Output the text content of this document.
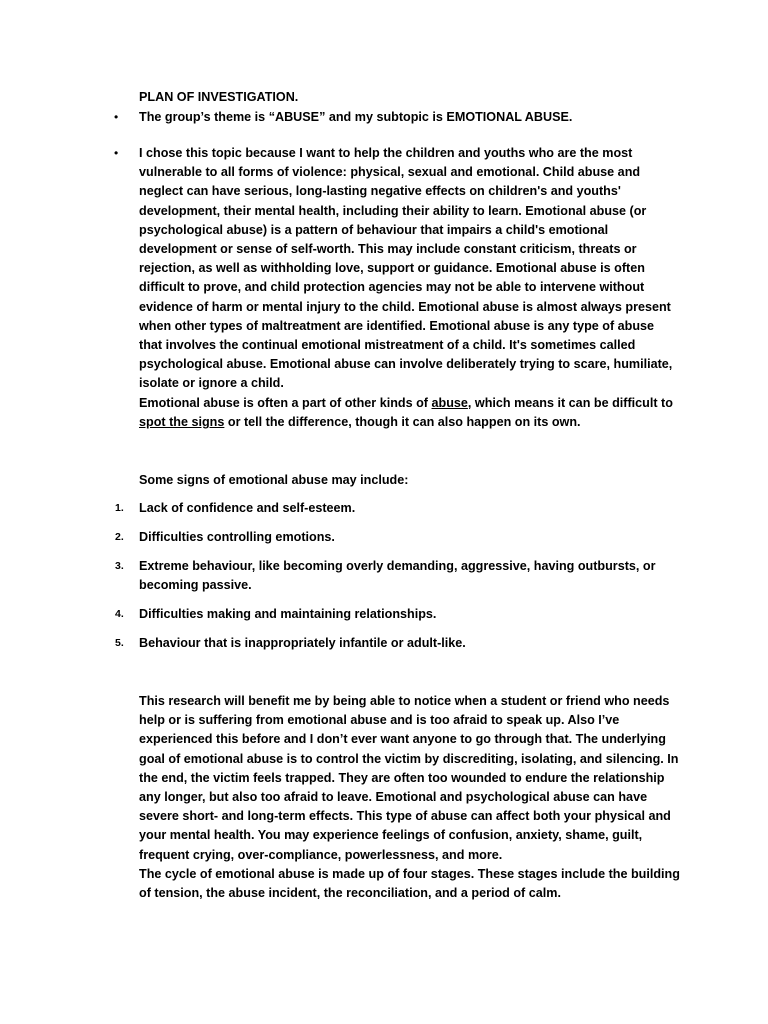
PLAN OF INVESTIGATION.
• The group’s theme is “ABUSE” and my subtopic is EMOTIONAL ABUSE.
• I chose this topic because I want to help the children and youths who are the most vulnerable to all forms of violence: physical, sexual and emotional. Child abuse and neglect can have serious, long-lasting negative effects on children's and youths' development, their mental health, including their ability to learn. Emotional abuse (or psychological abuse) is a pattern of behaviour that impairs a child's emotional development or sense of self-worth. This may include constant criticism, threats or rejection, as well as withholding love, support or guidance. Emotional abuse is often difficult to prove, and child protection agencies may not be able to intervene without evidence of harm or mental injury to the child. Emotional abuse is almost always present when other types of maltreatment are identified. Emotional abuse is any type of abuse that involves the continual emotional mistreatment of a child. It's sometimes called psychological abuse. Emotional abuse can involve deliberately trying to scare, humiliate, isolate or ignore a child.

Emotional abuse is often a part of other kinds of abuse, which means it can be difficult to spot the signs or tell the difference, though it can also happen on its own.

Some signs of emotional abuse may include:
1. Lack of confidence and self-esteem.
2. Difficulties controlling emotions.
3. Extreme behaviour, like becoming overly demanding, aggressive, having outbursts, or becoming passive.
4. Difficulties making and maintaining relationships.
5. Behaviour that is inappropriately infantile or adult-like.

This research will benefit me by being able to notice when a student or friend who needs help or is suffering from emotional abuse and is too afraid to speak up. Also I’ve experienced this before and I don’t ever want anyone to go through that. The underlying goal of emotional abuse is to control the victim by discrediting, isolating, and silencing. In the end, the victim feels trapped. They are often too wounded to endure the relationship any longer, but also too afraid to leave. Emotional and psychological abuse can have severe short- and long-term effects. This type of abuse can affect both your physical and your mental health. You may experience feelings of confusion, anxiety, shame, guilt, frequent crying, over-compliance, powerlessness, and more.

The cycle of emotional abuse is made up of four stages. These stages include the building of tension, the abuse incident, the reconciliation, and a period of calm.
